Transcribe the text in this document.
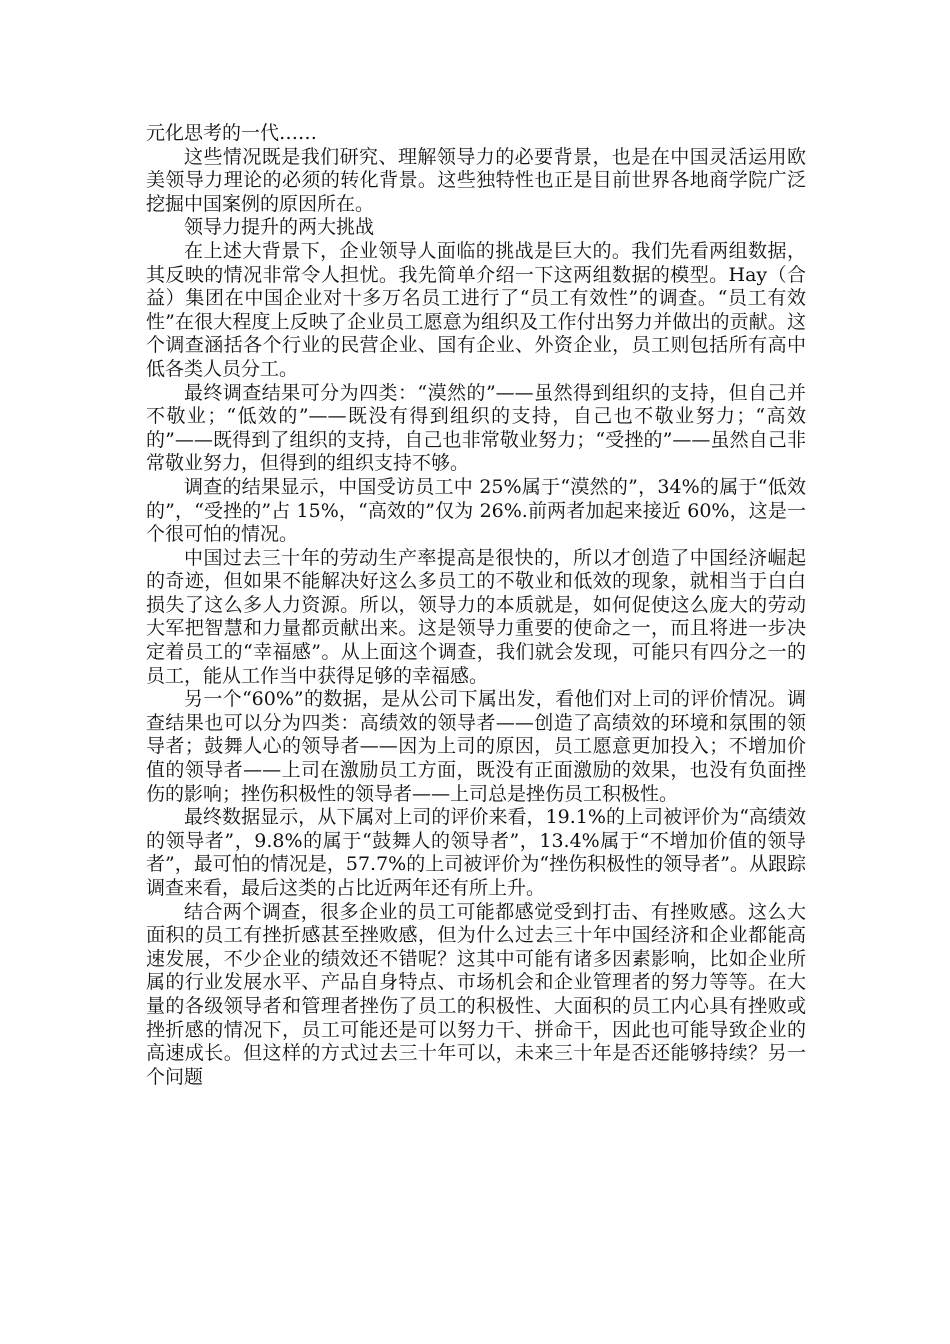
元化思考的一代……

这些情况既是我们研究、理解领导力的必要背景，也是在中国灵活运用欧美领导力理论的必须的转化背景。这些独特性也正是目前世界各地商学院广泛挖掘中国案例的原因所在。

领导力提升的两大挑战

在上述大背景下，企业领导人面临的挑战是巨大的。我们先看两组数据，其反映的情况非常令人担忧。我先简单介绍一下这两组数据的模型。Hay（合益）集团在中国企业对十多万名员工进行了“员工有效性”的调查。“员工有效性”在很大程度上反映了企业员工愿意为组织及工作付出努力并做出的贡献。这个调查涵括各个行业的民营企业、国有企业、外资企业，员工则包括所有高中低各类人员分工。

最终调查结果可分为四类：“漠然的”——虽然得到组织的支持，但自己并不敬业；“低效的”——既没有得到组织的支持，自己也不敬业努力；“高效的”——既得到了组织的支持，自己也非常敬业努力；“受挫的”——虽然自己非常敬业努力，但得到的组织支持不够。

调查的结果显示，中国受访员工中 25%属于“漠然的”，34%的属于“低效的”，“受挫的”占 15%，“高效的”仅为 26%.前两者加起来接近 60%，这是一个很可怕的情况。

中国过去三十年的劳动生产率提高是很快的，所以才创造了中国经济崛起的奇迹，但如果不能解决好这么多员工的不敬业和低效的现象，就相当于白白损失了这么多人力资源。所以，领导力的本质就是，如何促使这么庞大的劳动大军把智慧和力量都贡献出来。这是领导力重要的使命之一，而且将进一步决定着员工的“幸福感”。从上面这个调查，我们就会发现，可能只有四分之一的员工，能从工作当中获得足够的幸福感。

另一个“60%”的数据，是从公司下属出发，看他们对上司的评价情况。调查结果也可以分为四类：高绩效的领导者——创造了高绩效的环境和氛围的领导者；鼓舞人心的领导者——因为上司的原因，员工愿意更加投入；不增加价值的领导者——上司在激励员工方面，既没有正面激励的效果，也没有负面挫伤的影响；挫伤积极性的领导者——上司总是挫伤员工积极性。

最终数据显示，从下属对上司的评价来看，19.1%的上司被评价为“高绩效的领导者”，9.8%的属于“鼓舞人的领导者”，13.4%属于“不增加价值的领导者”，最可怕的情况是，57.7%的上司被评价为“挫伤积极性的领导者”。从跟踪调查来看，最后这类的占比近两年还有所上升。

结合两个调查，很多企业的员工可能都感觉受到打击、有挫败感。这么大面积的员工有挫折感甚至挫败感，但为什么过去三十年中国经济和企业都能高速发展，不少企业的绩效还不错呢？这其中可能有诸多因素影响，比如企业所属的行业发展水平、产品自身特点、市场机会和企业管理者的努力等等。在大量的各级领导者和管理者挫伤了员工的积极性、大面积的员工内心具有挫败或挫折感的情况下，员工可能还是可以努力干、拼命干，因此也可能导致企业的高速成长。但这样的方式过去三十年可以，未来三十年是否还能够持续？另一个问题
